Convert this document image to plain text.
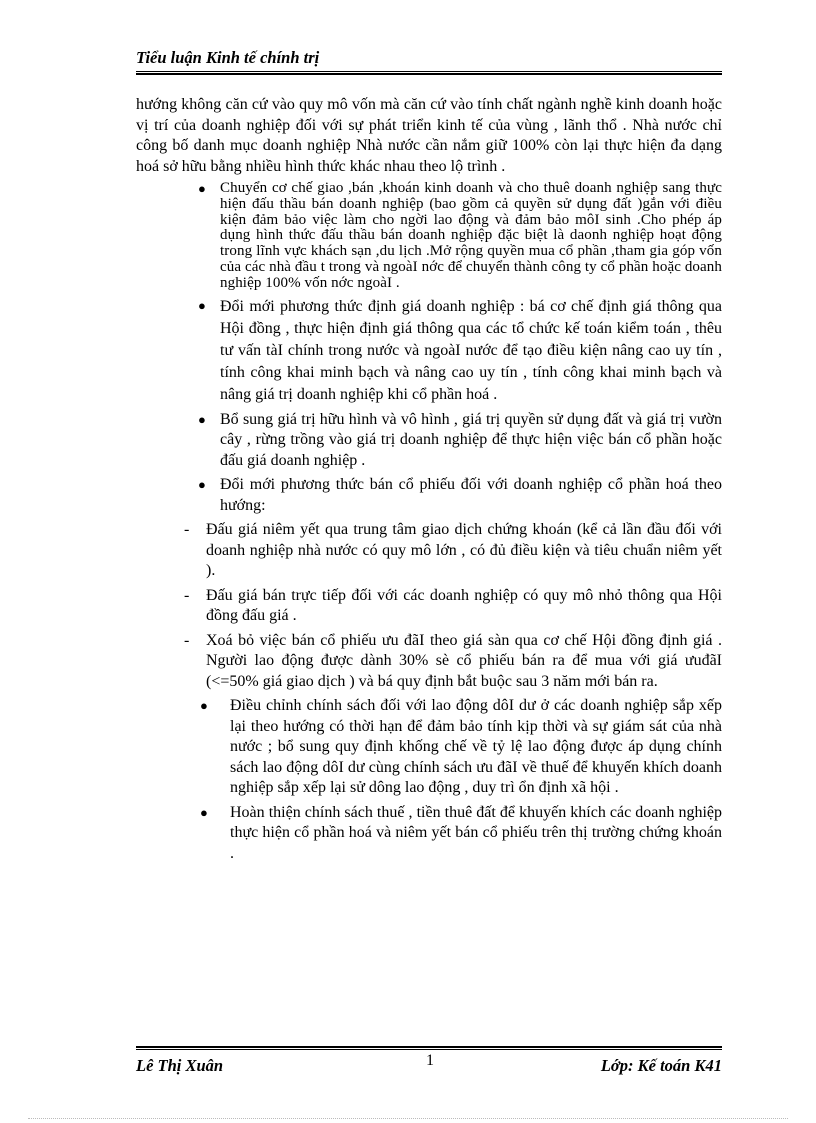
Tiểu luận Kinh tế chính trị

hướng không căn cứ vào quy mô vốn mà căn cứ vào tính chất ngành nghề kinh doanh hoặc vị trí của doanh nghiệp đối với sự phát triển kinh tế của vùng , lãnh thổ . Nhà nước chỉ công bố danh mục doanh nghiệp Nhà nước cần nắm giữ 100% còn lại thực hiện đa dạng hoá sở hữu bằng nhiều hình thức khác nhau theo lộ trình .

● Chuyển cơ chế giao ,bán ,khoán kinh doanh và cho thuê doanh nghiệp sang thực hiện đấu thầu bán doanh nghiệp (bao gồm cả quyền sử dụng đất )gắn với điều kiện đảm bảo việc làm cho ngời lao động và đảm bảo môI sinh .Cho phép áp dụng hình thức đấu thầu bán doanh nghiệp đặc biệt là daonh nghiệp hoạt động trong lĩnh vực khách sạn ,du lịch .Mở rộng quyền mua cổ phần ,tham gia góp vốn của các nhà đầu t trong và ngoàI nớc để chuyển thành công ty cổ phần hoặc doanh nghiệp 100% vốn nớc ngoàI .
● Đổi mới phương thức định giá doanh nghiệp : bá cơ chế định giá thông qua Hội đồng , thực hiện định giá thông qua các tổ chức kế toán kiểm toán , thêu tư vấn tàI chính trong nước và ngoàI nước để tạo điều kiện nâng cao uy tín , tính công khai minh bạch và nâng cao uy tín , tính công khai minh bạch và nâng giá trị doanh nghiệp khi cổ phần hoá .
● Bổ sung giá trị hữu hình và vô hình , giá trị quyền sử dụng đất và giá trị vườn cây , rừng trồng vào giá trị doanh nghiệp để thực hiện việc bán cổ phần hoặc đấu giá doanh nghiệp .
● Đổi mới phương thức bán cổ phiếu đối với doanh nghiệp cổ phần hoá theo hướng:
- Đấu giá niêm yết qua trung tâm giao dịch chứng khoán (kể cả lần đầu đối với doanh nghiệp nhà nước có quy mô lớn , có đủ điều kiện và tiêu chuẩn niêm yết ).
- Đấu giá bán trực tiếp đối với các doanh nghiệp có quy mô nhỏ thông qua Hội đồng đấu giá .
- Xoá bỏ việc bán cổ phiếu ưu đãI theo giá sàn qua cơ chế Hội đồng định giá . Người lao động được dành 30% sè cổ phiếu bán ra để mua với giá ưuđãI (<=50% giá giao dịch ) và bá quy định bắt buộc sau 3 năm mới bán ra.
● Điều chỉnh chính sách đối với lao động dôI dư ở các doanh nghiệp sắp xếp lại theo hướng có thời hạn để đảm bảo tính kịp thời và sự giám sát của nhà nước ; bổ sung quy định khống chế về tỷ lệ lao động được áp dụng chính sách lao động dôI dư cùng chính sách ưu đãI về thuế để khuyến khích doanh nghiệp sắp xếp lại sử dông lao động , duy trì ổn định xã hội .
● Hoàn thiện chính sách thuế , tiền thuê đất để khuyến khích các doanh nghiệp thực hiện cổ phần hoá và niêm yết bán cổ phiếu trên thị trường chứng khoán .
Lê Thị Xuân	1	Lớp: Kế toán K41
